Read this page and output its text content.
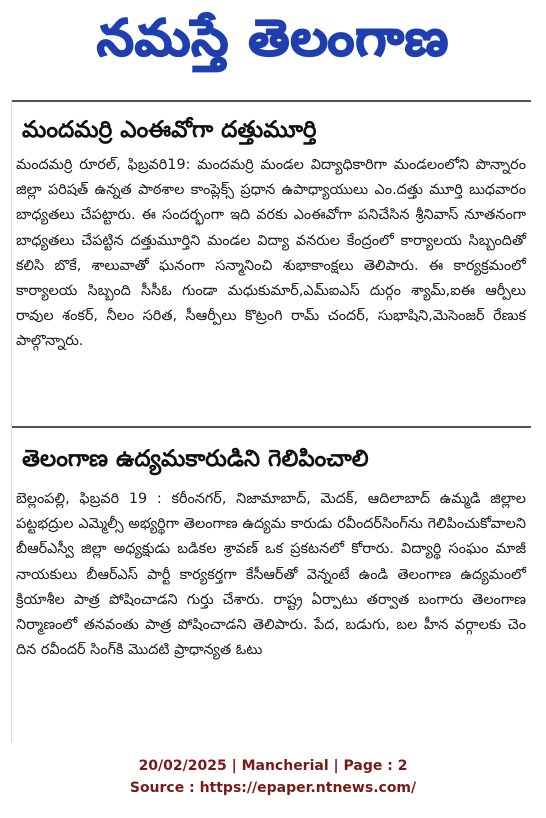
నమస్తే తెలంగాణ
మందమర్రి ఎంఈవోగా దత్తుమూర్తి

మందమర్రి రూరల్, ఫిబ్రవరి19: మందమర్రి మండల విద్యాధికారిగా మండలంలోని పొన్నారం జిల్లా పరిషత్ ఉన్నత పాఠశాల కాంప్లెక్స్ ప్రధాన ఉపాధ్యాయులు ఎం.దత్తు మూర్తి బుధవారం బాధ్యతలు చేపట్టారు. ఈ సందర్భంగా ఇది వరకు ఎంఈవోగా పనిచేసిన శ్రీనివాస్ నూతనంగా బాధ్యతలు చేపట్టిన దత్తుమూర్తిని మండల విద్యా వనరుల కేంద్రంలో కార్యాలయ సిబ్బందితో కలిసి బొకే, శాలువాతో ఘనంగా సన్మానించి శుభాకాంక్షలు తెలిపారు. ఈ కార్యక్రమంలో కార్యాలయ సిబ్బంది సీసీఓ గుండా మధుకుమార్,ఎమ్ఐఎస్ దుర్గం శ్యామ్,ఐఈ ఆర్పీలు రావుల శంకర్, నీలం సరిత, సీఆర్పీలు కొట్రంగి రామ్ చందర్, సుభాషిని,మెసెంజర్ రేణుక పాల్గొన్నారు.

తెలంగాణ ఉద్యమకారుడిని గెలిపించాలి

బెల్లంపల్లి, ఫిబ్రవరి 19 : కరీంనగర్, నిజామాబాద్, మెదక్, ఆదిలాబాద్ ఉమ్మడి జిల్లాల పట్టభద్రుల ఎమ్మెల్సీ అభ్యర్థిగా తెలంగాణ ఉద్యమ కారుడు రవీందర్‌సింగ్‌ను గెలిపించుకోవాలని బీఆర్ఎస్వీ జిల్లా అధ్యక్షుడు బడికల శ్రావణ్ ఒక ప్రకటనలో కోరారు. విద్యార్థి సంఘం మాజీ నాయకులు బీఆర్ఎస్ పార్టీ కార్యకర్తగా కేసీఆర్‌తో వెన్నంటే ఉండి తెలంగాణ ఉద్యమంలో క్రియాశీల పాత్ర పోషించాడని గుర్తు చేశారు. రాష్ట్ర ఏర్పాటు తర్వాత బంగారు తెలంగాణ నిర్మాణంలో తనవంతు పాత్ర పోషించాడని తెలిపారు. పేద, బడుగు, బల హీన వర్గాలకు చెం దిన రవీందర్ సింగ్‌కి మొదటి ప్రాధాన్యత ఓటు

20/02/2025 | Mancherial | Page : 2
Source : https://epaper.ntnews.com/
